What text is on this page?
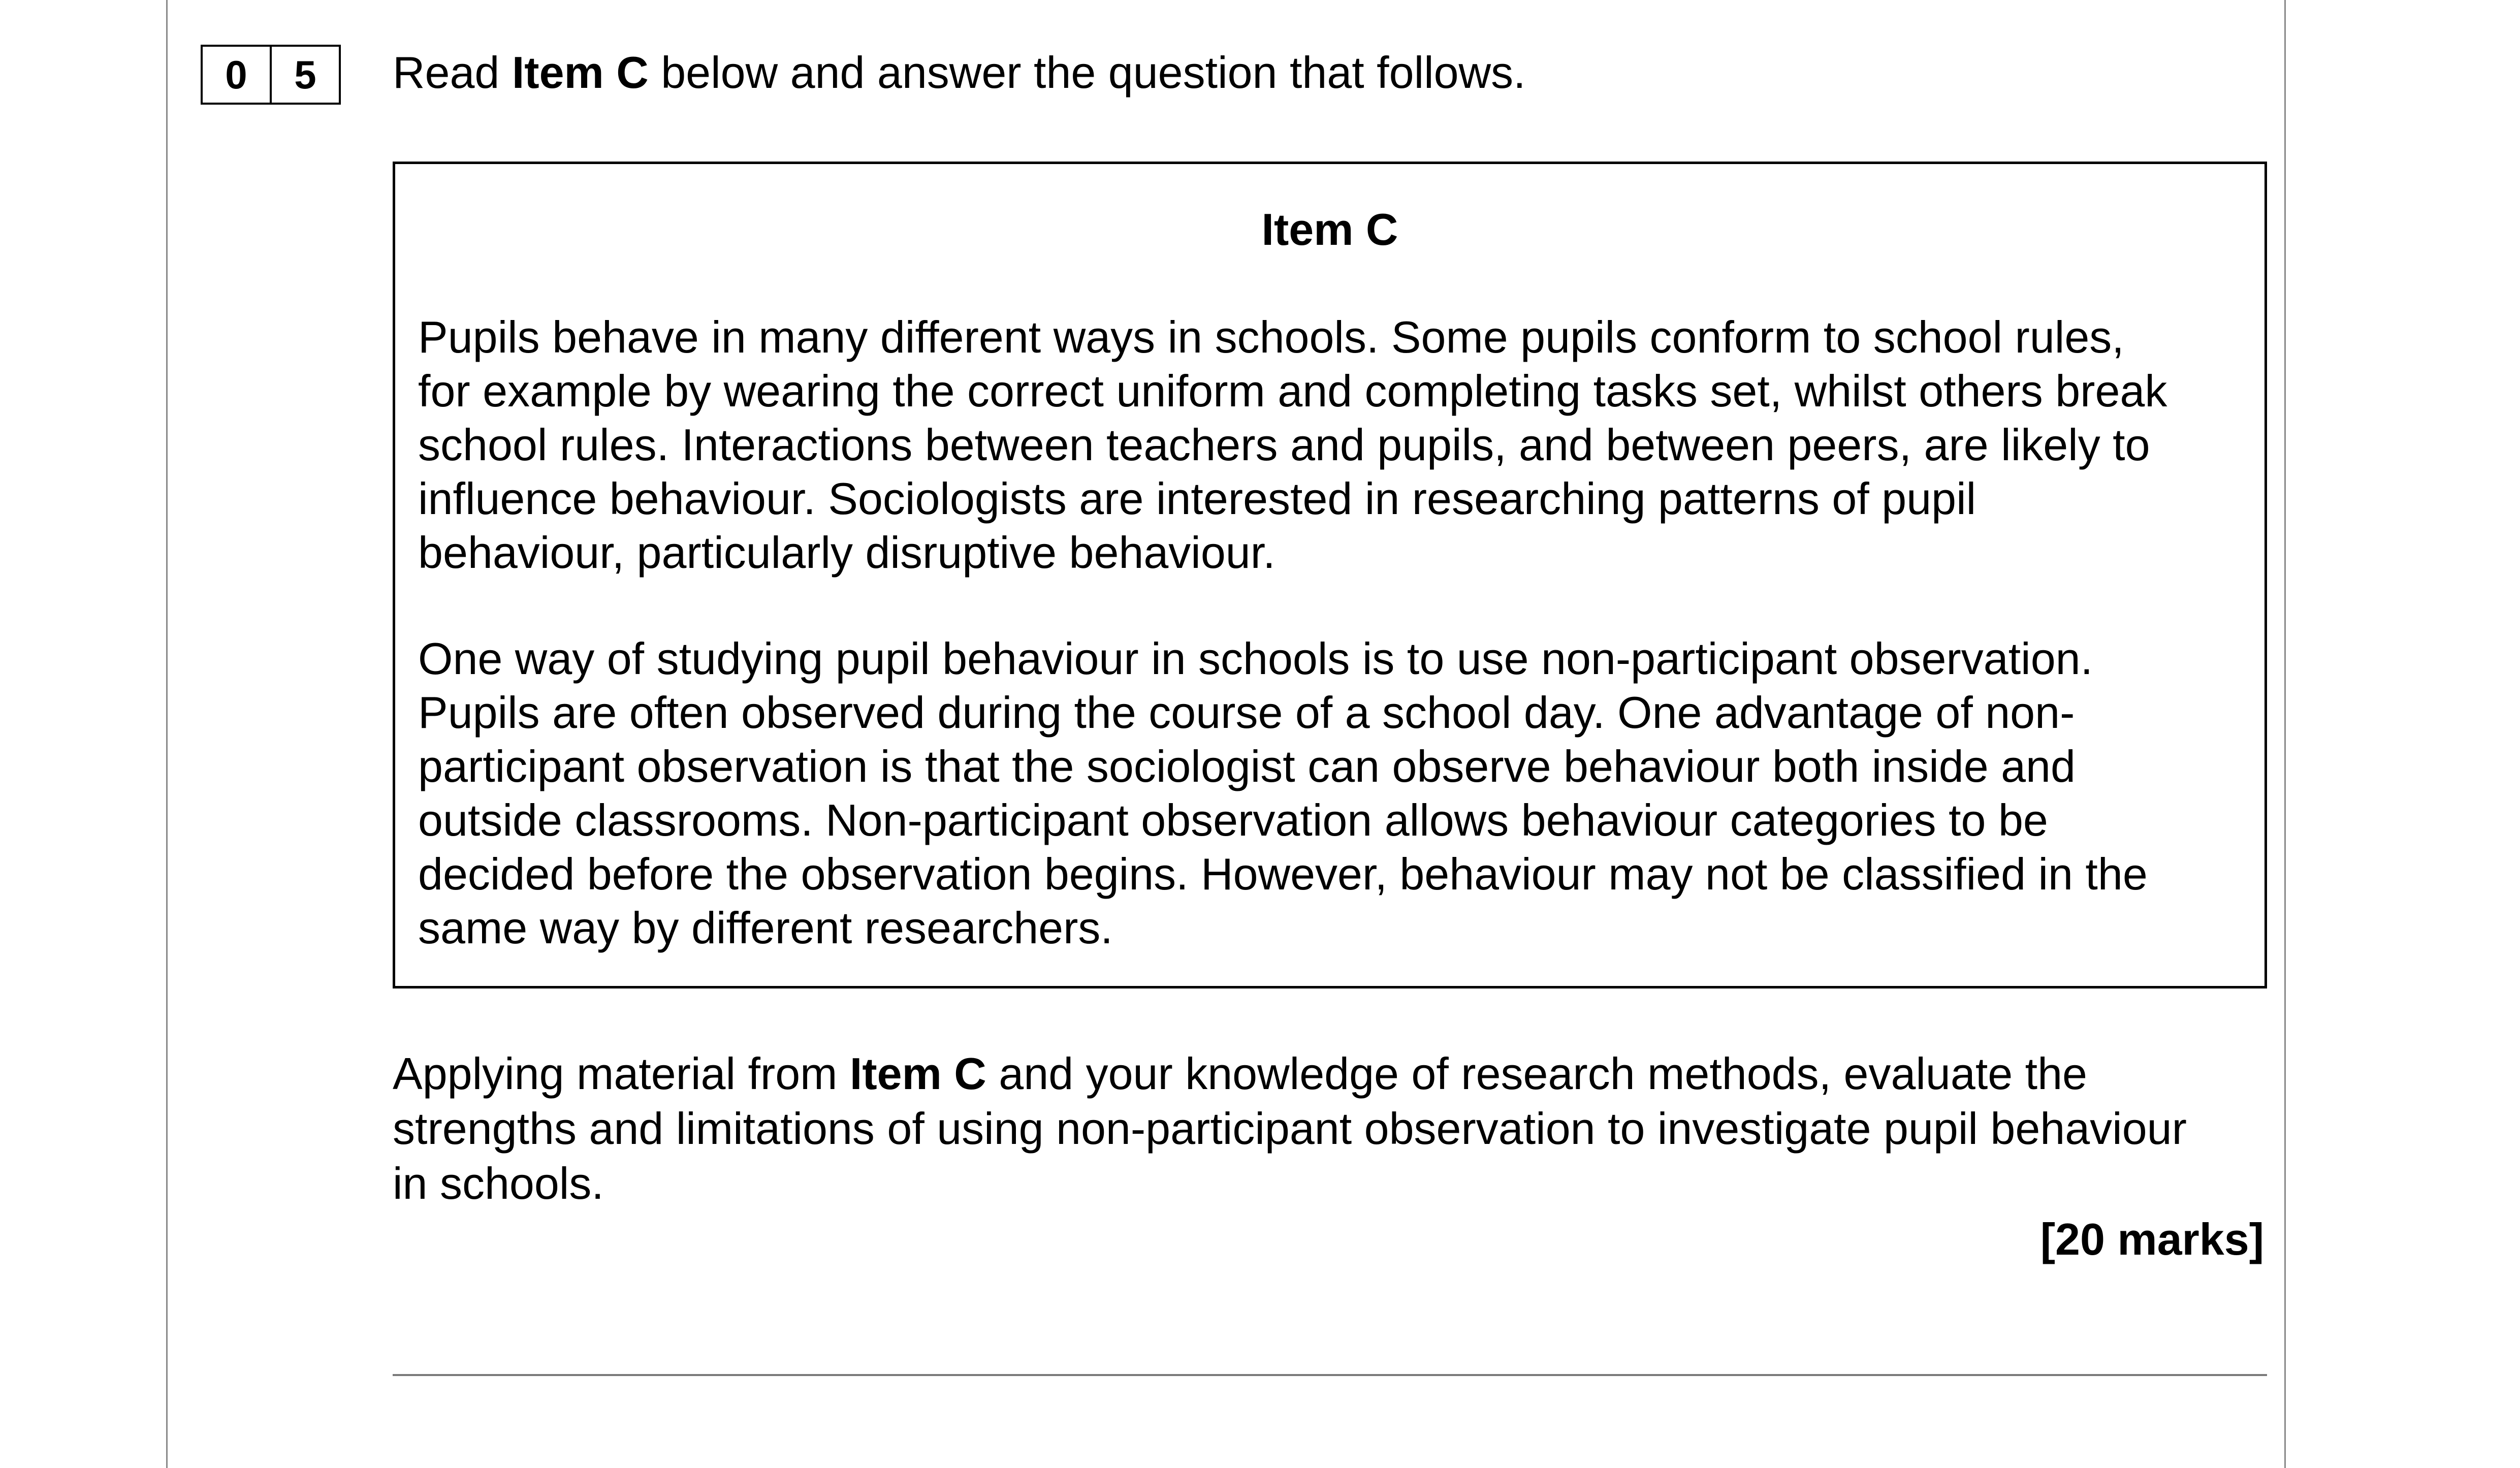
0	5	Read Item C below and answer the question that follows.
Item C
Pupils behave in many different ways in schools. Some pupils conform to school rules,
for example by wearing the correct uniform and completing tasks set, whilst others break
school rules. Interactions between teachers and pupils, and between peers, are likely to
influence behaviour. Sociologists are interested in researching patterns of pupil
behaviour, particularly disruptive behaviour.
One way of studying pupil behaviour in schools is to use non-participant observation.
Pupils are often observed during the course of a school day. One advantage of non-
participant observation is that the sociologist can observe behaviour both inside and
outside classrooms. Non-participant observation allows behaviour categories to be
decided before the observation begins. However, behaviour may not be classified in the
same way by different researchers.
Applying material from Item C and your knowledge of research methods, evaluate the
strengths and limitations of using non-participant observation to investigate pupil behaviour
in schools.
[20 marks]
